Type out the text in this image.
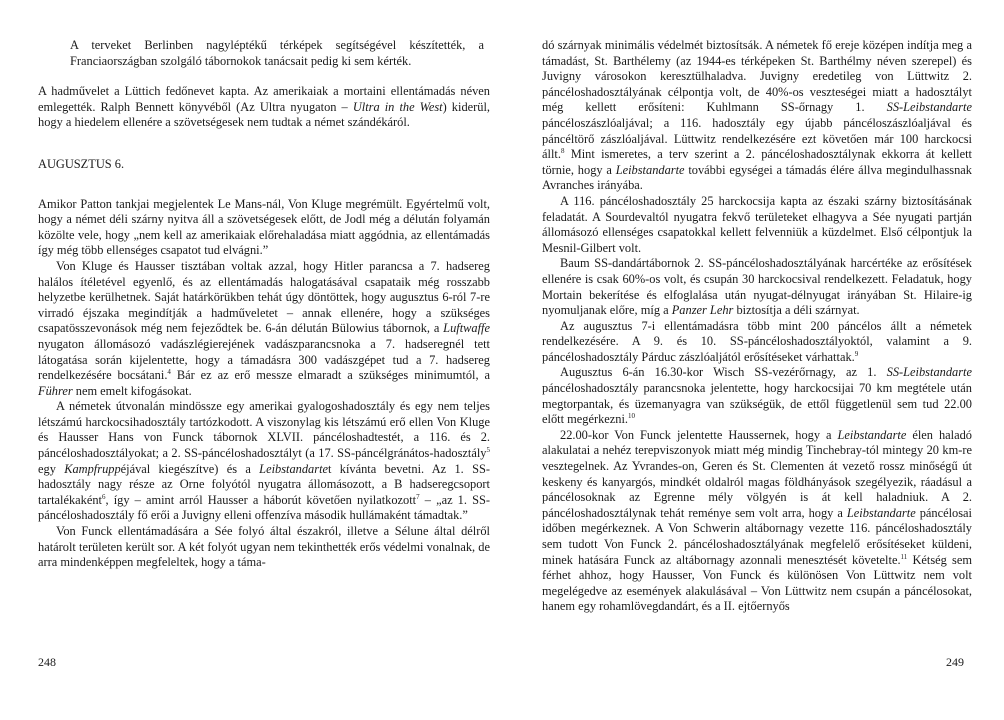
A terveket Berlinben nagyléptékű térképek segítségével készítették, a Franciaországban szolgáló tábornokok tanácsait pedig ki sem kérték.

A hadművelet a Lüttich fedőnevet kapta. Az amerikaiak a mortaini ellentámadás néven emlegették. Ralph Bennett könyvéből (Az Ultra nyugaton – Ultra in the West) kiderül, hogy a hiedelem ellenére a szövetségesek nem tudtak a német szándékáról.

AUGUSZTUS 6.

Amikor Patton tankjai megjelentek Le Mans-nál, Von Kluge megrémült. Egyértelmű volt, hogy a német déli szárny nyitva áll a szövetségesek előtt, de Jodl még a délután folyamán közölte vele, hogy „nem kell az amerikaiak előrehaladása miatt aggódnia, az ellentámadás így még több ellenséges csapatot tud elvágni.”

Von Kluge és Hausser tisztában voltak azzal, hogy Hitler parancsa a 7. hadsereg halálos ítéletével egyenlő, és az ellentámadás halogatásával csapataik még rosszabb helyzetbe kerülhetnek. Saját határkörükben tehát úgy döntöttek, hogy augusztus 6-ról 7-re virradó éjszaka megindítják a hadműveletet – annak ellenére, hogy a szükséges csapatösszevonások még nem fejeződtek be. 6-án délután Bülowius tábornok, a Luftwaffe nyugaton állomásozó vadászlégierejének vadászparancsnoka a 7. hadseregnél tett látogatása során kijelentette, hogy a támadásra 300 vadászgépet tud a 7. hadsereg rendelkezésére bocsátani.$^4$ Bár ez az erő messze elmaradt a szükséges minimumtól, a Führer nem emelt kifogásokat.

A németek útvonalán mindössze egy amerikai gyalogoshadosztály és egy nem teljes létszámú harckocsihadosztály tartózkodott. A viszonylag kis létszámú erő ellen Von Kluge és Hausser Hans von Funck tábornok XLVII. páncéloshadtestét, a 116. és 2. páncéloshadosztályokat; a 2. SS-páncéloshadosztályt (a 17. SS-páncélgránátos-hadosztály$^5$ egy Kampfruppéjával kiegészítve) és a Leibstandartet kívánta bevetni. Az 1. SS-hadosztály nagy része az Orne folyótól nyugatra állomásozott, a B hadseregcsoport tartalékaként$^6$, így – amint arról Hausser a háborút követően nyilatkozott$^7$ – „az 1. SS-páncéloshadosztály fő erői a Juvigny elleni offenzíva második hullámaként támadtak.”

Von Funck ellentámadására a Sée folyó által északról, illetve a Sélune által délről határolt területen került sor. A két folyót ugyan nem tekinthették erős védelmi vonalnak, de arra mindenképpen megfeleltek, hogy a táma-

dó szárnyak minimális védelmét biztosítsák. A németek fő ereje középen indítja meg a támadást, St. Barthélemy (az 1944-es térképeken St. Barthélmy néven szerepel) és Juvigny városokon keresztülhaladva. Juvigny eredetileg von Lüttwitz 2. páncéloshadosztályának célpontja volt, de 40%-os veszteségei miatt a hadosztályt még kellett erősíteni: Kuhlmann SS-őrnagy 1. SS-Leibstandarte páncéloszászlóaljával; a 116. hadosztály egy újabb páncéloszászlóaljával és páncéltörő zászlóaljával. Lüttwitz rendelkezésére ezt követően már 100 harckocsi állt.$^8$ Mint ismeretes, a terv szerint a 2. páncéloshadosztálynak ekkorra át kellett törnie, hogy a Leibstandarte további egységei a támadás élére állva megindulhassnak Avranches irányába.

A 116. páncéloshadosztály 25 harckocsija kapta az északi szárny biztosításának feladatát. A Sourdevaltól nyugatra fekvő területeket elhagyva a Sée nyugati partján állomásozó ellenséges csapatokkal kellett felvenniük a küzdelmet. Első célpontjuk la Mesnil-Gilbert volt.

Baum SS-dandártábornok 2. SS-páncéloshadosztályának harcértéke az erősítések ellenére is csak 60%-os volt, és csupán 30 harckocsival rendelkezett. Feladatuk, hogy Mortain bekerítése és elfoglalása után nyugat-délnyugat irányában St. Hilaire-ig nyomuljanak előre, míg a Panzer Lehr biztosítja a déli szárnyat.

Az augusztus 7-i ellentámadásra több mint 200 páncélos állt a németek rendelkezésére. A 9. és 10. SS-páncéloshadosztályoktól, valamint a 9. páncéloshadosztály Párduc zászlóaljától erősítéseket várhattak.$^9$

Augusztus 6-án 16.30-kor Wisch SS-vezérőrnagy, az 1. SS-Leibstandarte páncéloshadosztály parancsnoka jelentette, hogy harckocsijai 70 km megtétele után megtorpantak, és üzemanyagra van szükségük, de ettől függetlenül sem tud 22.00 előtt megérkezni.$^{10}$

22.00-kor Von Funck jelentette Haussernek, hogy a Leibstandarte élen haladó alakulatai a nehéz terepviszonyok miatt még mindig Tinchebray-tól mintegy 20 km-re vesztegelnek. Az Yvrandes-on, Geren és St. Clementen át vezető rossz minőségű út keskeny és kanyargós, mindkét oldalról magas földhányások szegélyezik, ráadásul a páncélosoknak az Egrenne mély völgyén is át kell haladniuk. A 2. páncéloshadosztálynak tehát reménye sem volt arra, hogy a Leibstandarte páncélosai időben megérkeznek. A Von Schwerin altábornagy vezette 116. páncéloshadosztály sem tudott Von Funck 2. páncéloshadosztályának megfelelő erősítéseket küldeni, minek hatására Funck az altábornagy azonnali menesztését követelte.$^{11}$ Kétség sem férhet ahhoz, hogy Hausser, Von Funck és különösen Von Lüttwitz nem volt megelégedve az események alakulásával – Von Lüttwitz nem csupán a páncélosokat, hanem egy rohamlövegdandárt, és a II. ejtőernyős

248	249
